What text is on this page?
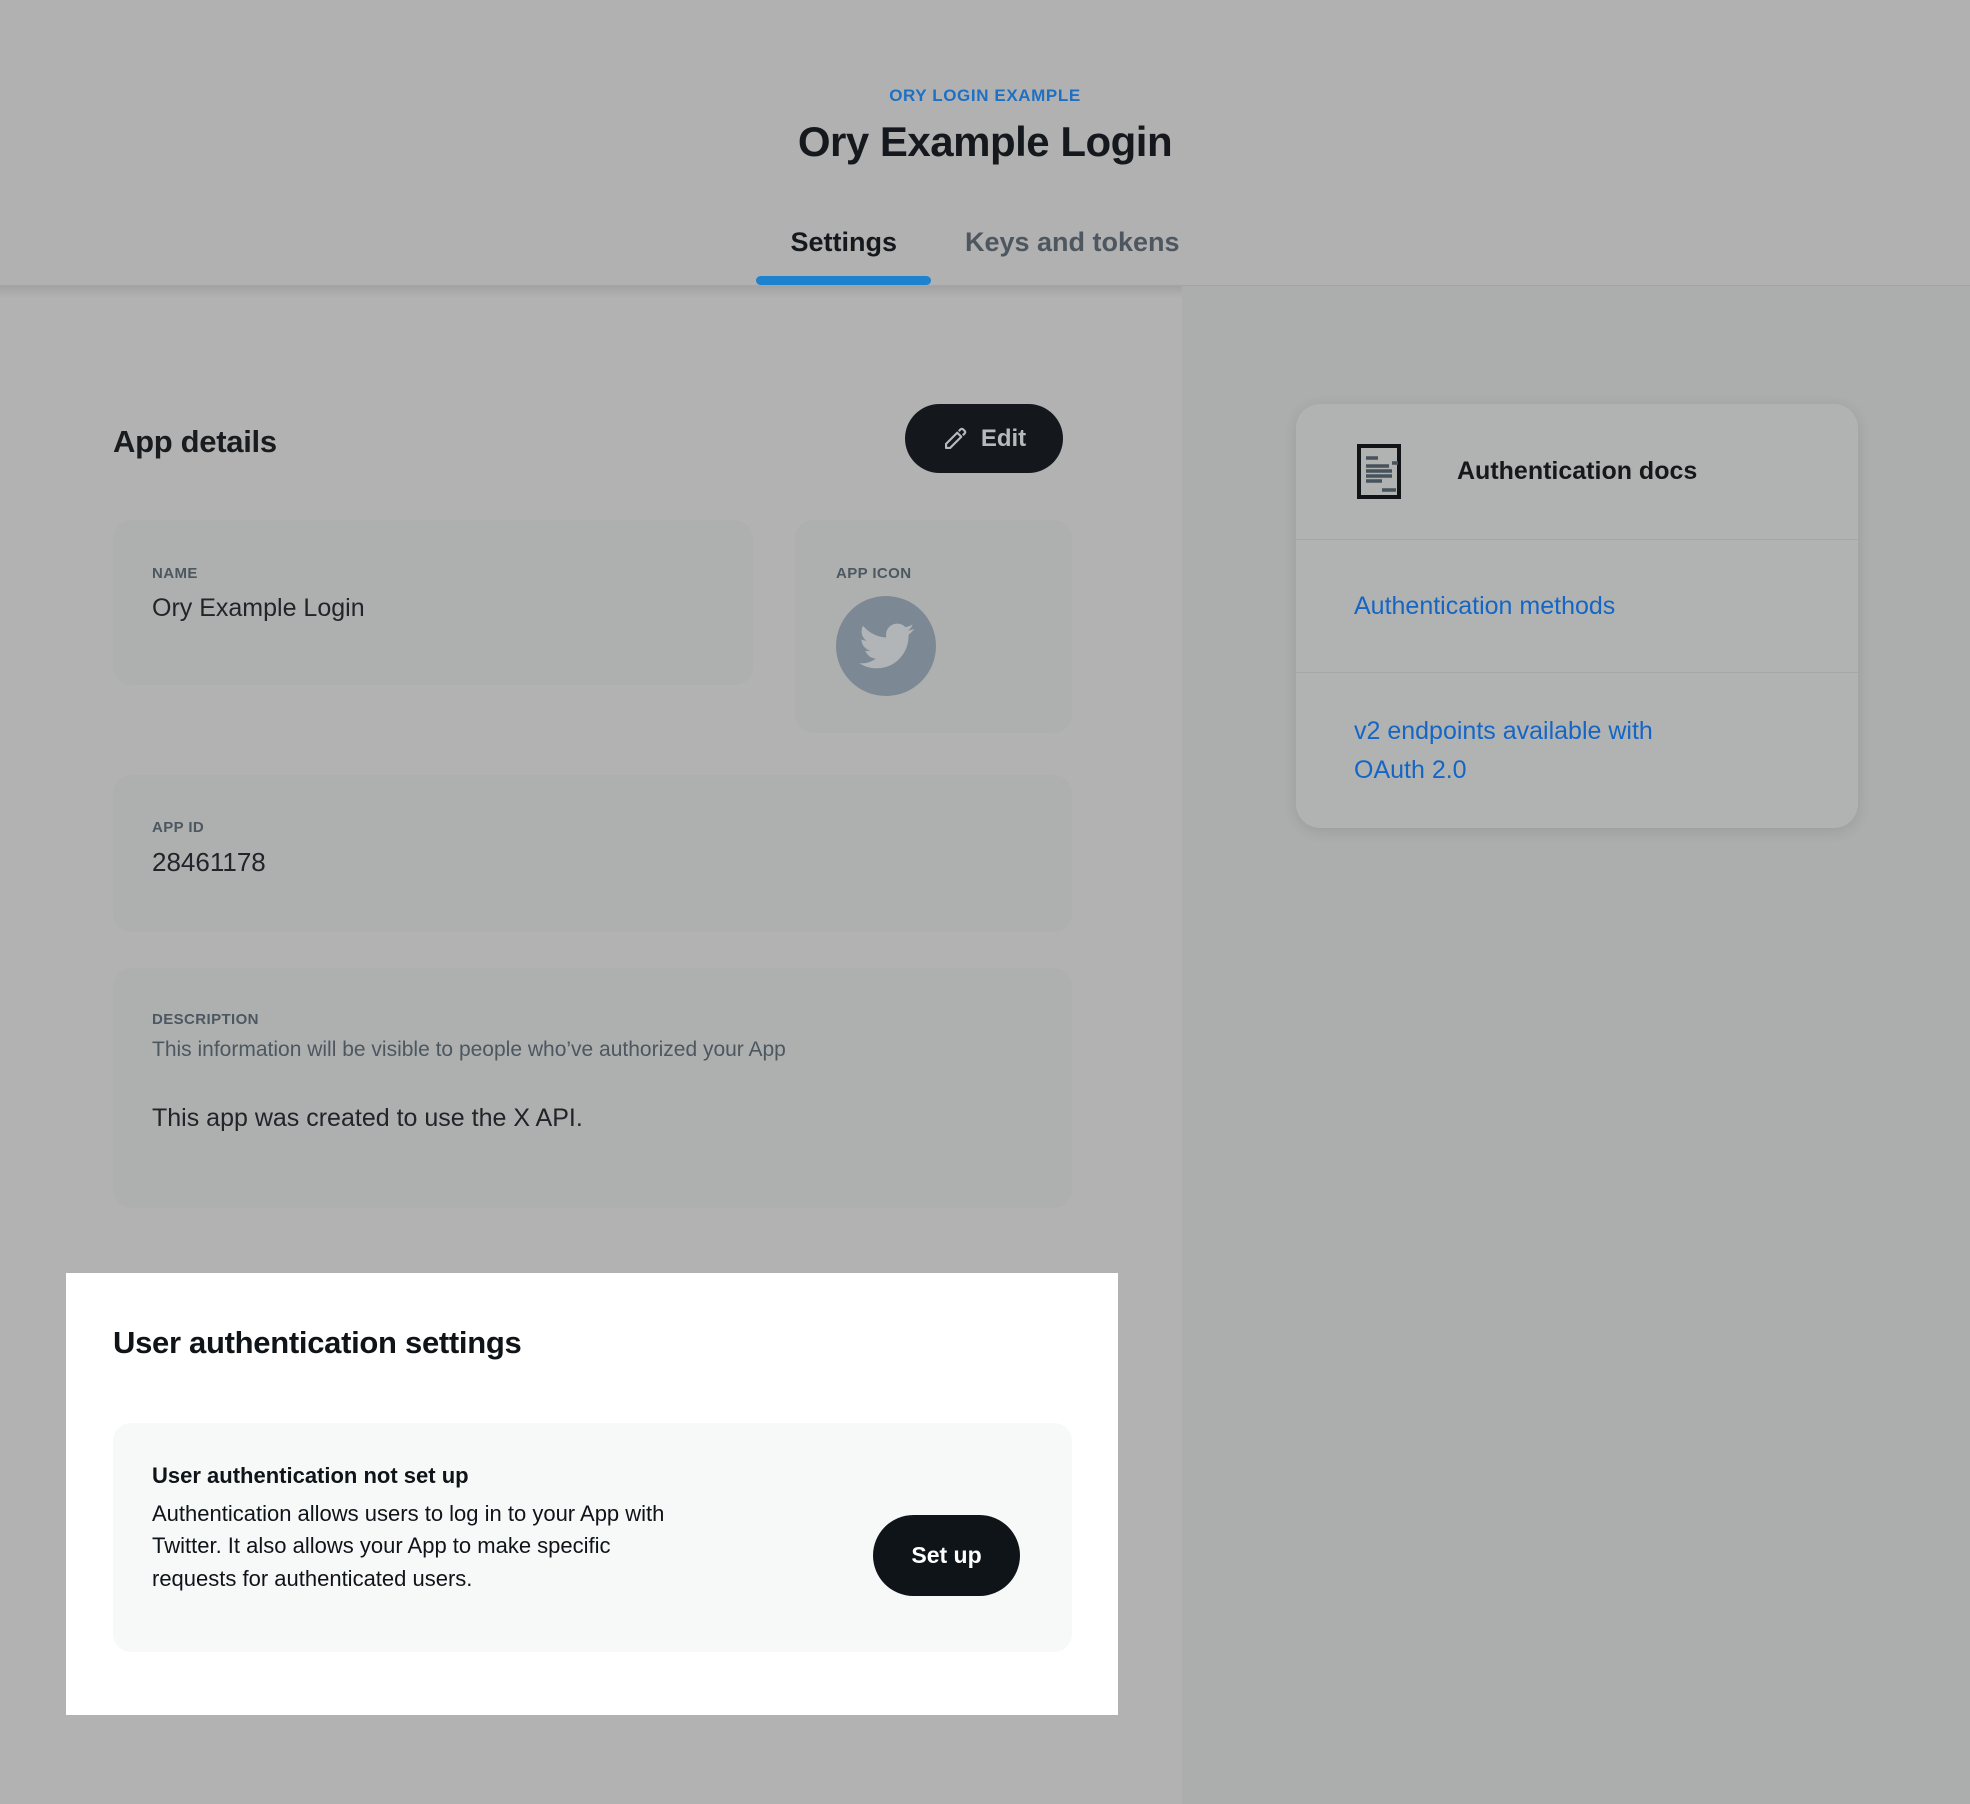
ORY LOGIN EXAMPLE
Ory Example Login
Settings	Keys and tokens
App details	Edit
NAME
Ory Example Login
APP ICON
APP ID
28461178
DESCRIPTION
This information will be visible to people who’ve authorized your App
This app was created to use the X API.
User authentication settings
User authentication not set up
Authentication allows users to log in to your App with Twitter. It also allows your App to make specific requests for authenticated users.
Set up
Authentication docs
Authentication methods
v2 endpoints available with OAuth 2.0
